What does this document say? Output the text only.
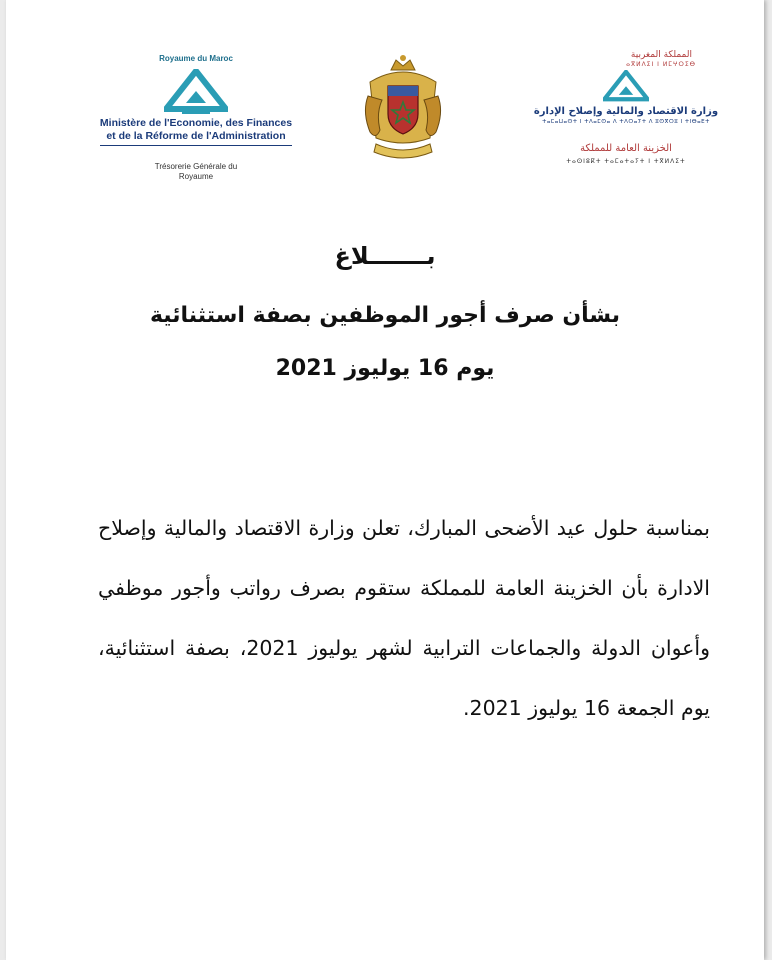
Royaume du Maroc
Ministère de l'Economie, des Finances
et de la Réforme de l'Administration
Trésorerie Générale du
Royaume
المملكة المغربية
ⴰⴳⵍⴷⵉⵏ ⵏ ⵍⵎⵖⵔⵉⴱ
وزارة الاقتصاد والمالية وإصلاح الإدارة
ⵜⴰⵎⴰⵡⴰⵙⵜ ⵏ ⵜⴷⴰⵎⵙⴰ ⴷ ⵜⴷⵔⴰⵢⵜ ⴷ ⵓⵙⴳⵔⵓ ⵏ ⵜⵏⴱⴰⴹⵜ
الخزينة العامة للمملكة
ⵜⴰⵙⵏⵓⴽⵜ ⵜⴰⵎⴰⵜⴰⵢⵜ ⵏ ⵜⴳⵍⴷⵉⵜ
بـــــــلاغ
بشأن صرف أجور الموظفين بصفة استثنائية
يوم 16 يوليوز 2021
بمناسبة حلول عيد الأضحى المبارك، تعلن وزارة الاقتصاد والمالية وإصلاح الادارة بأن الخزينة العامة للمملكة ستقوم بصرف رواتب وأجور موظفي وأعوان الدولة والجماعات الترابية لشهر يوليوز 2021، بصفة استثنائية، يوم الجمعة 16 يوليوز 2021.
